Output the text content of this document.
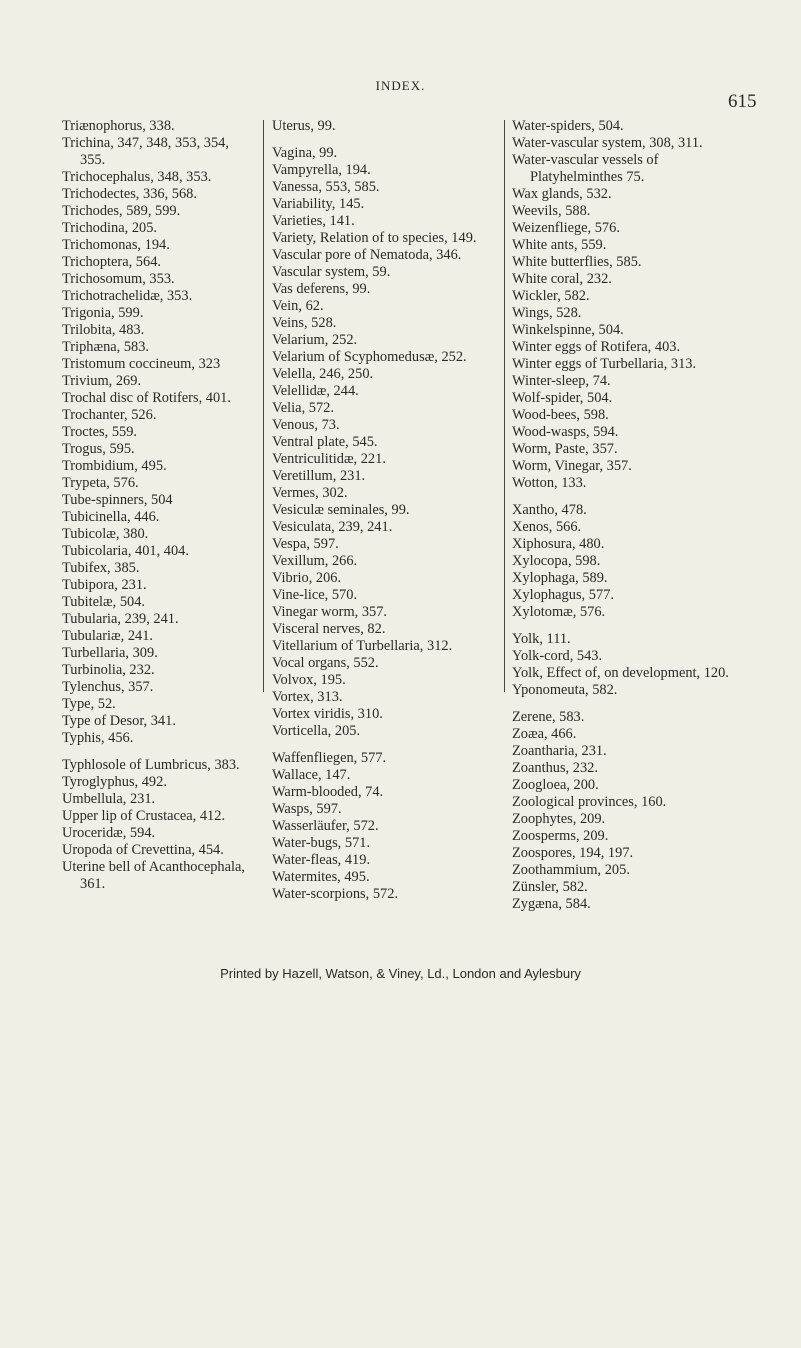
INDEX.
615

Triænophorus, 338.

Trichina, 347, 348, 353, 354, 355.

Trichocephalus, 348, 353.

Trichodectes, 336, 568.

Trichodes, 589, 599.

Trichodina, 205.

Trichomonas, 194.

Trichoptera, 564.

Trichosomum, 353.

Trichotrachelidæ, 353.

Trigonia, 599.

Trilobita, 483.

Triphæna, 583.

Tristomum coccineum, 323

Trivium, 269.

Trochal disc of Rotifers, 401.

Trochanter, 526.

Troctes, 559.

Trogus, 595.

Trombidium, 495.

Trypeta, 576.

Tube-spinners, 504

Tubicinella, 446.

Tubicolæ, 380.

Tubicolaria, 401, 404.

Tubifex, 385.

Tubipora, 231.

Tubitelæ, 504.

Tubularia, 239, 241.

Tubulariæ, 241.

Turbellaria, 309.

Turbinolia, 232.

Tylenchus, 357.

Type, 52.

Type of Desor, 341.

Typhis, 456.

Typhlosole of Lumbricus, 383.

Tyroglyphus, 492.

Umbellula, 231.

Upper lip of Crustacea, 412.

Uroceridæ, 594.

Uropoda of Crevettina, 454.

Uterine bell of Acanthocephala, 361.

Uterus, 99.

Vagina, 99.

Vampyrella, 194.

Vanessa, 553, 585.

Variability, 145.

Varieties, 141.

Variety, Relation of to species, 149.

Vascular pore of Nematoda, 346.

Vascular system, 59.

Vas deferens, 99.

Vein, 62.

Veins, 528.

Velarium, 252.

Velarium of Scyphomedusæ, 252.

Velella, 246, 250.

Velellidæ, 244.

Velia, 572.

Venous, 73.

Ventral plate, 545.

Ventriculitidæ, 221.

Veretillum, 231.

Vermes, 302.

Vesiculæ seminales, 99.

Vesiculata, 239, 241.

Vespa, 597.

Vexillum, 266.

Vibrio, 206.

Vine-lice, 570.

Vinegar worm, 357.

Visceral nerves, 82.

Vitellarium of Turbellaria, 312.

Vocal organs, 552.

Volvox, 195.

Vortex, 313.

Vortex viridis, 310.

Vorticella, 205.

Waffenfliegen, 577.

Wallace, 147.

Warm-blooded, 74.

Wasps, 597.

Wasserläufer, 572.

Water-bugs, 571.

Water-fleas, 419.

Watermites, 495.

Water-scorpions, 572.

Water-spiders, 504.

Water-vascular system, 308, 311.

Water-vascular vessels of Platyhelminthes 75.

Wax glands, 532.

Weevils, 588.

Weizenfliege, 576.

White ants, 559.

White butterflies, 585.

White coral, 232.

Wickler, 582.

Wings, 528.

Winkelspinne, 504.

Winter eggs of Rotifera, 403.

Winter eggs of Turbellaria, 313.

Winter-sleep, 74.

Wolf-spider, 504.

Wood-bees, 598.

Wood-wasps, 594.

Worm, Paste, 357.

Worm, Vinegar, 357.

Wotton, 133.

Xantho, 478.

Xenos, 566.

Xiphosura, 480.

Xylocopa, 598.

Xylophaga, 589.

Xylophagus, 577.

Xylotomæ, 576.

Yolk, 111.

Yolk-cord, 543.

Yolk, Effect of, on development, 120.

Yponomeuta, 582.

Zerene, 583.

Zoæa, 466.

Zoantharia, 231.

Zoanthus, 232.

Zoogloea, 200.

Zoological provinces, 160.

Zoophytes, 209.

Zoosperms, 209.

Zoospores, 194, 197.

Zoothammium, 205.

Zünsler, 582.

Zygæna, 584.

Printed by Hazell, Watson, & Viney, Ld., London and Aylesbury
